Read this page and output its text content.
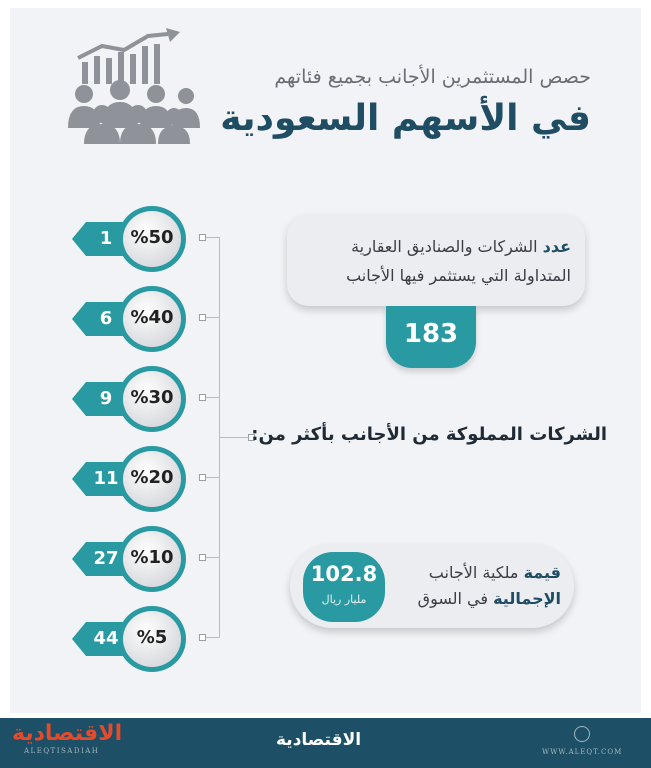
حصص المستثمرين الأجانب بجميع فئاتهم
في الأسهم السعودية
%50
1
%40
6
%30
9
%20
11
%10
27
%5
44
عدد الشركات والصناديق العقارية
المتداولة التي يستثمر فيها الأجانب
183
الشركات المملوكة من الأجانب بأكثر من:
102.8
مليار ريال
قيمة ملكية الأجانب
الإجمالية في السوق
الاقتصادية
ALEQTISADIAH
الاقتصادية
WWW.ALEQT.COM
